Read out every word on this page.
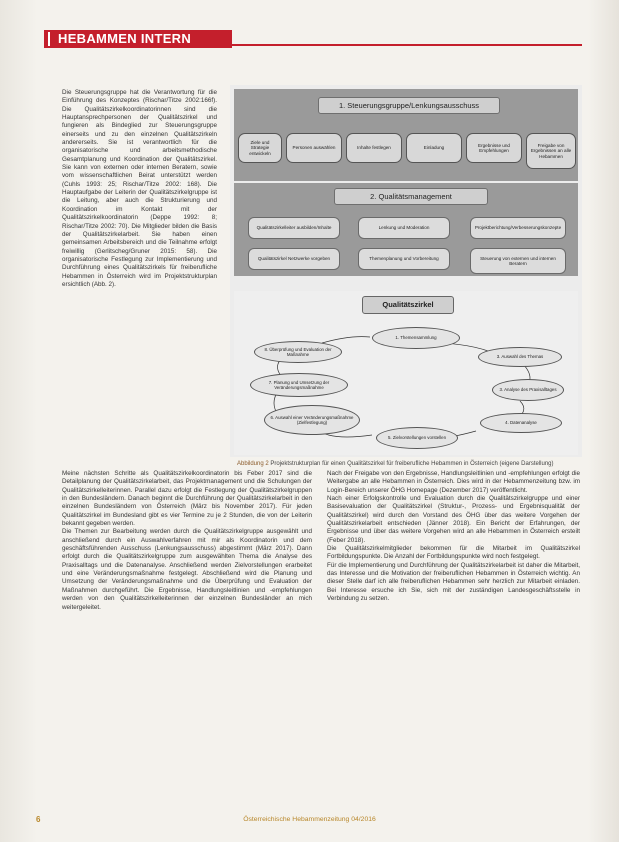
HEBAMMEN INTERN

Die Steuerungsgruppe hat die Verantwortung für die Einführung des Konzeptes (Rischar/Titze 2002:166f). Die Qualitätszirkelkoordinatorinnen sind die Hauptansprechpersonen der Qualitätszirkel und fungieren als Bindeglied zur Steuerungsgruppe einerseits und zu den einzelnen Qualitätszirkeln andererseits. Sie ist verantwortlich für die organisatorische und arbeitsmethodische Gesamtplanung und Koordination der Qualitätszirkel. Sie kann von externen oder internen Beratern, sowie vom wissenschaftlichen Beirat unterstützt werden (Cuhls 1993: 25; Rischar/Titze 2002: 168). Die Hauptaufgabe der Leiterin der Qualitätszirkelgruppe ist die Leitung, aber auch die Strukturierung und Koordination im Kontakt mit der Qualitätszirkelkoordinatorin (Deppe 1992: 8; Rischar/Titze 2002: 70). Die Mitglieder bilden die Basis der Qualitätszirkelarbeit. Sie haben einen gemeinsamen Arbeitsbereich und die Teilnahme erfolgt freiwillig (Gerlitscheg/Gruner 2015: 58). Die organisatorische Festlegung zur Implementierung und Durchführung eines Qualitätszirkels für freiberufliche Hebammen in Österreich wird im Projektstrukturplan ersichtlich (Abb. 2).

1. Steuerungsgruppe/Lenkungsausschuss
Ziele und Strategie entwickeln
Personen auswählen	Inhalte festlegen	Einladung
Ergebnisse und Empfehlungen
Freigabe von Ergebnissen an alle Hebammen
2. Qualitätsmanagement
Qualitätszirkelleiter ausbilden/Inhalte	Lenkung und Moderation	Projektberichtung/Verbesserungskonzepte
Qualitätszirkel Netzwerke vorgeben	Themenplanung und Vorbereitung	Steuerung von externen und internen Beratern
Qualitätszirkel
1. Themensammlung
3. Auswahl des Themas
3. Analyse des Praxisalltages
4. Datenanalyse
5. Zielvorstellungen vorstellen
6. Auswahl einer Veränderungsmaßnahme (Zielfestlegung)
7. Planung und Umsetzung der Veränderungsmaßnahme
8. Überprüfung und Evaluation der Maßnahme
Abbildung 2 Projektstrukturplan für einen Qualitätszirkel für freiberufliche Hebammen in Österreich (eigene Darstellung)

Meine nächsten Schritte als Qualitätszirkelkoordinatorin bis Feber 2017 sind die Detailplanung der Qualitätszirkelarbeit, das Projektmanagement und die Schulungen der Qualitätszirkelleiterinnen. Parallel dazu erfolgt die Festlegung der Qualitätszirkelgruppen in den Bundesländern. Danach beginnt die Durchführung der Qualitätszirkelarbeit in den einzelnen Bundesländern von Österreich (März bis November 2017). Für jeden Qualitätszirkel im Bundesland gibt es vier Termine zu je 2 Stunden, die von der Leiterin bekannt gegeben werden.

Die Themen zur Bearbeitung werden durch die Qualitätszirkelgruppe ausgewählt und anschließend durch ein Auswahlverfahren mit mir als Koordinatorin und dem geschäftsführenden Ausschuss (Lenkungsausschuss) abgestimmt (März 2017). Dann erfolgt durch die Qualitätszirkelgruppe zum ausgewählten Thema die Analyse des Praxisalltags und die Datenanalyse. Anschließend werden Zielvorstellungen erarbeitet und eine Veränderungsmaßnahme festgelegt. Abschließend wird die Planung und Umsetzung der Veränderungsmaßnahme und die Überprüfung und Evaluation der Maßnahmen durchgeführt. Die Ergebnisse, Handlungsleitlinien und -empfehlungen werden von den Qualitätszirkelleiterinnen der einzelnen Bundesländer an mich weitergeleitet.

Nach der Freigabe von den Ergebnisse, Handlungsleitlinien und -empfehlungen erfolgt die Weitergabe an alle Hebammen in Österreich. Dies wird in der Hebammenzeitung bzw. im Login-Bereich unserer ÖHG Homepage (Dezember 2017) veröffentlicht.

Nach einer Erfolgskontrolle und Evaluation durch die Qualitätszirkelgruppe und einer Basisevaluation der Qualitätszirkel (Struktur-, Prozess- und Ergebnisqualität der Qualitätszirkel) wird durch den Vorstand des ÖHG über das weitere Vorgehen der Qualitätszirkelarbeit entschieden (Jänner 2018). Ein Bericht der Erfahrungen, der Ergebnisse und über das weitere Vorgehen wird an alle Hebammen in Österreich ersteilt (Feber 2018).

Die Qualitätszirkelmitglieder bekommen für die Mitarbeit im Qualitätszirkel Fortbildungspunkte. Die Anzahl der Fortbildungspunkte wird noch festgelegt.

Für die Implementierung und Durchführung der Qualitätszirkelarbeit ist daher die Mitarbeit, das Interesse und die Motivation der freiberuflichen Hebammen in Österreich wichtig. An dieser Stelle darf ich alle freiberuflichen Hebammen sehr herzlich zur Mitarbeit einladen. Bei Interesse ersuche ich Sie, sich mit der zuständigen Landesgeschäftsstelle in Verbindung zu setzen.

6	Österreichische Hebammenzeitung 04/2016
